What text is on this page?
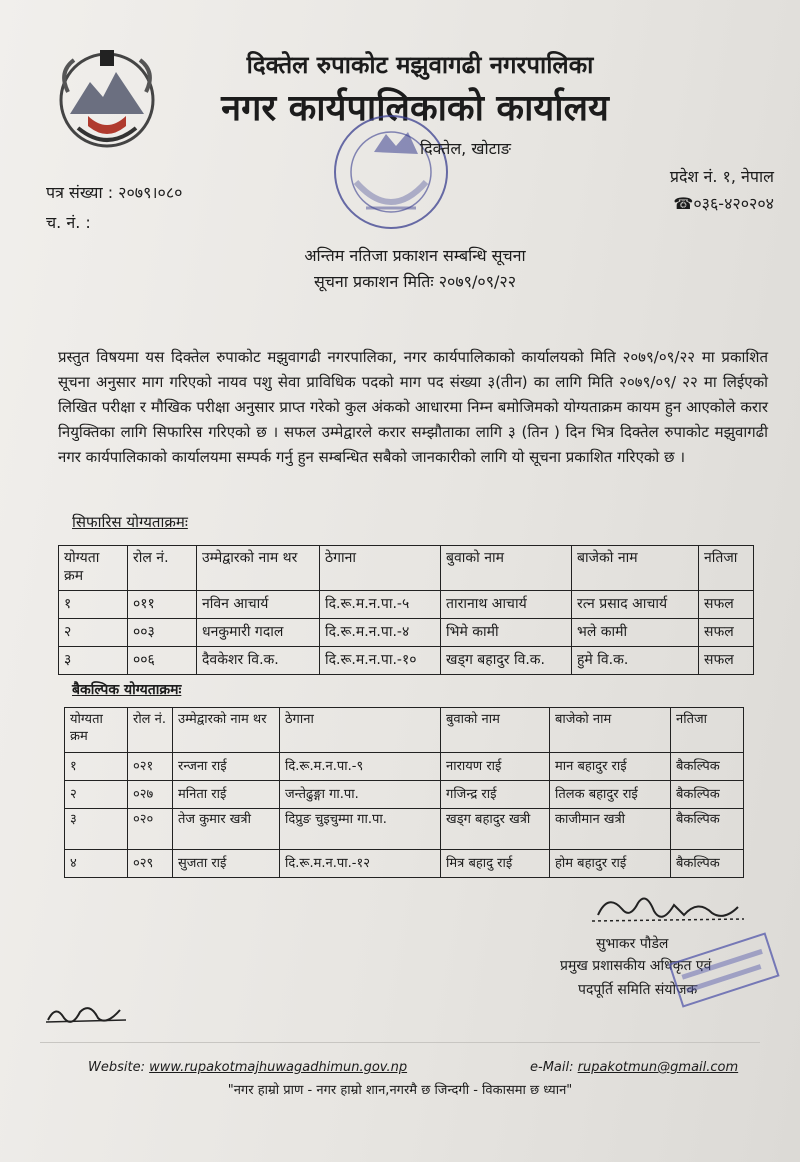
दिक्तेल रुपाकोट मझुवागढी नगरपालिका
नगर कार्यपालिकाको कार्यालय
दिक्तेल, खोटाङ
प्रदेश नं. १, नेपाल
☎०३६-४२०२०४
पत्र संख्या : २०७९।०८०
च. नं. :
अन्तिम नतिजा प्रकाशन सम्बन्धि सूचना
सूचना प्रकाशन मितिः २०७९/०९/२२
प्रस्तुत विषयमा यस दिक्तेल रुपाकोट मझुवागढी नगरपालिका, नगर कार्यपालिकाको कार्यालयको मिति २०७९/०९/२२ मा प्रकाशित सूचना अनुसार माग गरिएको नायव पशु सेवा प्राविधिक पदको माग पद संख्या ३(तीन) का लागि मिति २०७९/०९/ २२ मा लिईएको लिखित परीक्षा र मौखिक परीक्षा अनुसार प्राप्त गरेको कुल अंकको आधारमा निम्न बमोजिमको योग्यताक्रम कायम हुन आएकोले करार नियुक्तिका लागि सिफारिस गरिएको छ । सफल उम्मेद्वारले करार सम्झौताका लागि ३ (तिन ) दिन भित्र दिक्तेल रुपाकोट मझुवागढी नगर कार्यपालिकाको कार्यालयमा सम्पर्क गर्नु हुन सम्बन्धित सबैको जानकारीको लागि यो सूचना प्रकाशित गरिएको छ ।
सिफारिस योग्यताक्रमः
योग्यता क्रम	रोल नं.	उम्मेद्वारको नाम थर	ठेगाना	बुवाको नाम	बाजेको नाम	नतिजा
१	०११	नविन आचार्य	दि.रू.म.न.पा.-५	तारानाथ आचार्य	रत्न प्रसाद आचार्य	सफल
२	००३	धनकुमारी गदाल	दि.रू.म.न.पा.-४	भिमे कामी	भले कामी	सफल
३	००६	दैवकेशर वि.क.	दि.रू.म.न.पा.-१०	खड्ग बहादुर वि.क.	हुमे वि.क.	सफल
बैकल्पिक योग्यताक्रमः
योग्यता क्रम	रोल नं.	उम्मेद्वारको नाम थर	ठेगाना	बुवाको नाम	बाजेको नाम	नतिजा
१	०२१	रन्जना राई	दि.रू.म.न.पा.-९	नारायण राई	मान बहादुर राई	बैकल्पिक
२	०२७	मनिता राई	जन्तेढुङ्गा गा.पा.	गजिन्द्र राई	तिलक बहादुर राई	बैकल्पिक
३	०२०	तेज कुमार खत्री	दिप्रुङ चुइचुम्मा गा.पा.	खड्ग बहादुर खत्री	काजीमान खत्री	बैकल्पिक
४	०२९	सुजता राई	दि.रू.म.न.पा.-१२	मित्र बहादु राई	होम बहादुर राई	बैकल्पिक
सुभाकर पौडेल
प्रमुख प्रशासकीय अधिकृत एवं
पदपूर्ति समिति संयोजक
Website: www.rupakotmajhuwagadhimun.gov.np	e-Mail: rupakotmun@gmail.com
"नगर हाम्रो प्राण - नगर हाम्रो शान,नगरमै छ जिन्दगी - विकासमा छ ध्यान"
